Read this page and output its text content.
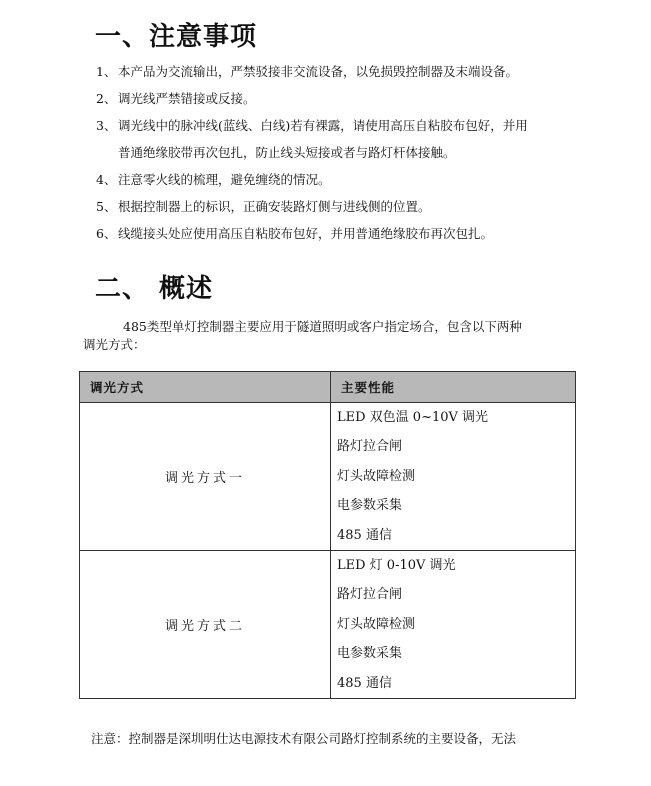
一、注意事项
1、 本产品为交流输出，严禁驳接非交流设备，以免损毁控制器及末端设备。
2、 调光线严禁错接或反接。
3、 调光线中的脉冲线(蓝线、白线)若有裸露，请使用高压自粘胶布包好，并用
普通绝缘胶带再次包扎，防止线头短接或者与路灯杆体接触。
4、 注意零火线的梳理，避免缠绕的情况。
5、 根据控制器上的标识，正确安装路灯侧与进线侧的位置。
6、 线缆接头处应使用高压自粘胶布包好，并用普通绝缘胶布再次包扎。
二、 概述
485类型单灯控制器主要应用于隧道照明或客户指定场合，包含以下两种
调光方式：
调光方式	主要性能
调光方式一	LED 双色温 0~10V 调光
路灯拉合闸
灯头故障检测
电参数采集
485 通信

调光方式二	LED 灯 0-10V 调光
路灯拉合闸
灯头故障检测
电参数采集
485 通信
注意：控制器是深圳明仕达电源技术有限公司路灯控制系统的主要设备，无法
